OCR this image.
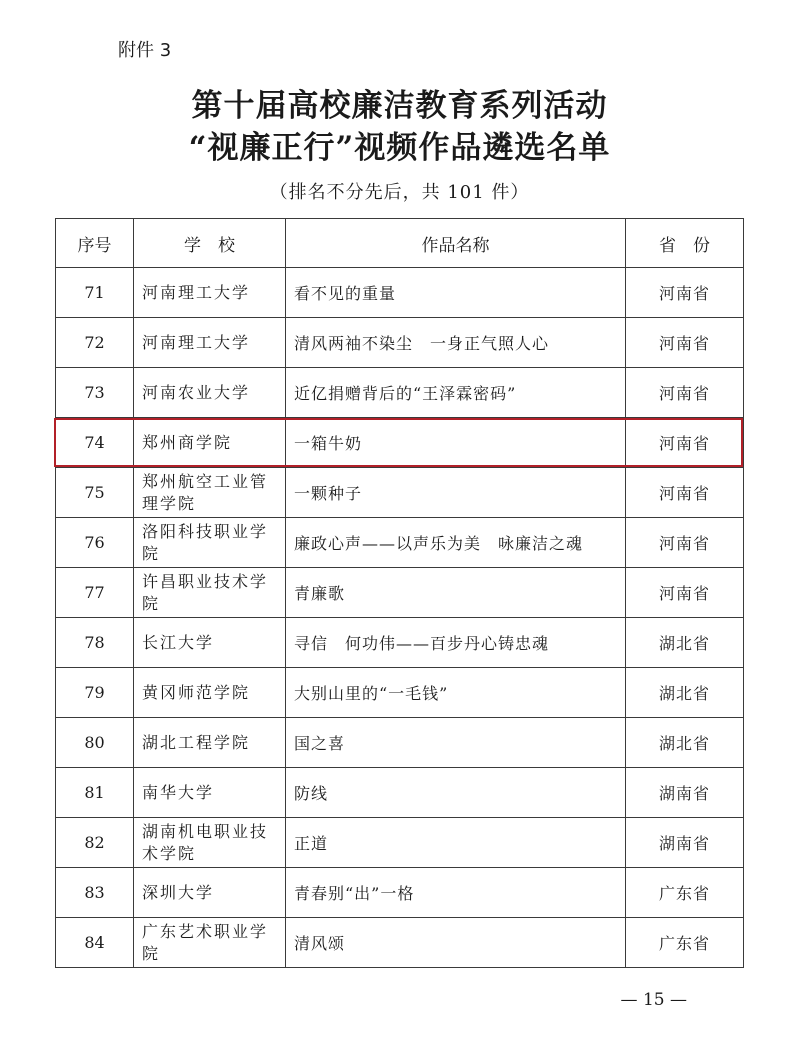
附件 3
第十届高校廉洁教育系列活动
“视廉正行”视频作品遴选名单
（排名不分先后，共 101 件）
序号	学　校	作品名称	省　份
71	河南理工大学	看不见的重量	河南省
72	河南理工大学	清风两袖不染尘　一身正气照人心	河南省
73	河南农业大学	近亿捐赠背后的“王泽霖密码”	河南省
74	郑州商学院	一箱牛奶	河南省
75	郑州航空工业管理学院	一颗种子	河南省
76	洛阳科技职业学院	廉政心声——以声乐为美　咏廉洁之魂	河南省
77	许昌职业技术学院	青廉歌	河南省
78	长江大学	寻信　何功伟——百步丹心铸忠魂	湖北省
79	黄冈师范学院	大别山里的“一毛钱”	湖北省
80	湖北工程学院	国之喜	湖北省
81	南华大学	防线	湖南省
82	湖南机电职业技术学院	正道	湖南省
83	深圳大学	青春别“出”一格	广东省
84	广东艺术职业学院	清风颂	广东省
— 15 —
